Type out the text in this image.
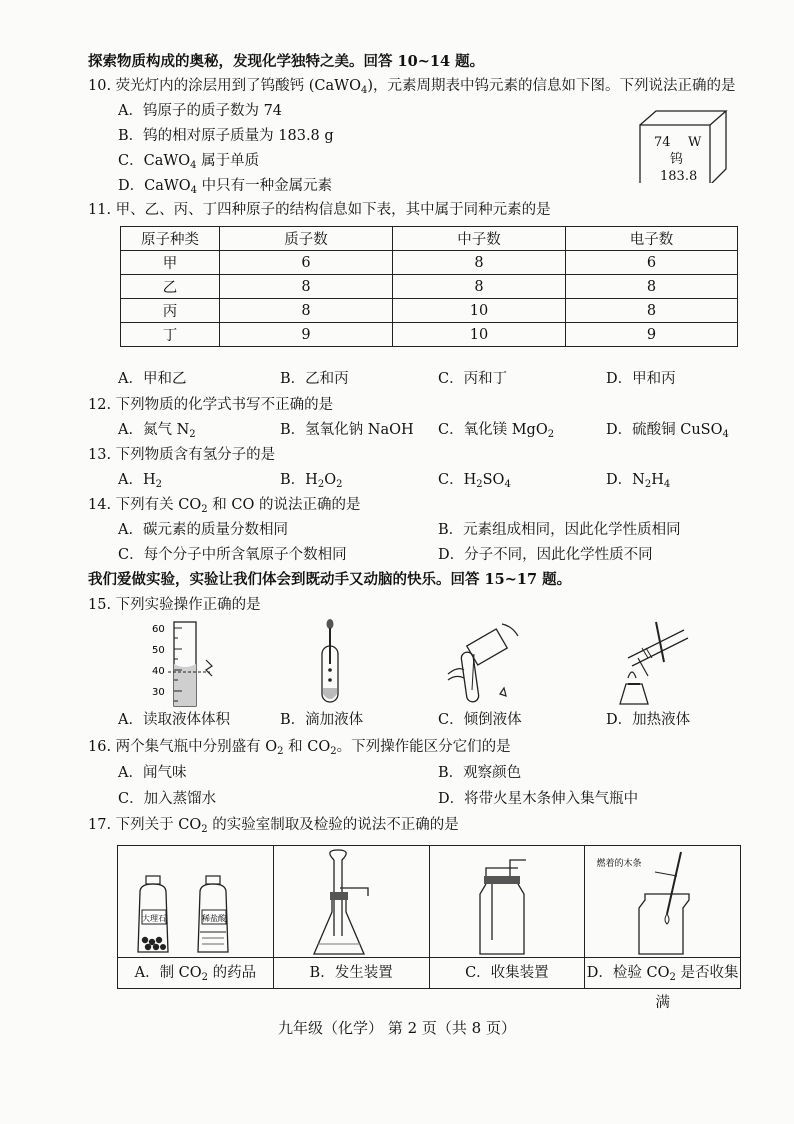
探索物质构成的奥秘，发现化学独特之美。回答 10~14 题。
10. 荧光灯内的涂层用到了钨酸钙 (CaWO$_4$)，元素周期表中钨元素的信息如下图。下列说法正确的是
A．钨原子的质子数为 74
B．钨的相对原子质量为 183.8 g
C．CaWO$_4$ 属于单质
D．CaWO$_4$ 中只有一种金属元素
74 W
钨
183.8
11. 甲、乙、丙、丁四种原子的结构信息如下表，其中属于同种元素的是
原子种类	质子数	中子数	电子数
甲	6	8	6
乙	8	8	8
丙	8	10	8
丁	9	10	9
A．甲和乙	B．乙和丙	C．丙和丁	D．甲和丙
12. 下列物质的化学式书写不正确的是
A．氮气 $N_2$	B．氢氧化钠 NaOH C．氧化镁 MgO$_2$	D．硫酸铜 CuSO$_4$
13. 下列物质含有氢分子的是
A．$H_2$	B．$H_2O_2$	C．$H_2SO_4$	D．$N_2H_4$
14. 下列有关 $CO_2$ 和 CO 的说法正确的是
A．碳元素的质量分数相同	B．元素组成相同，因此化学性质相同
C．每个分子中所含氧原子个数相同	D．分子不同，因此化学性质不同
我们爱做实验，实验让我们体会到既动手又动脑的快乐。回答 15~17 题。
15. 下列实验操作正确的是
60
50
40
30
A．读取液体体积	B．滴加液体	C．倾倒液体	D．加热液体
16. 两个集气瓶中分别盛有 $O_2$ 和 $CO_2$。下列操作能区分它们的是
A．闻气味	B．观察颜色
C．加入蒸馏水	D．将带火星木条伸入集气瓶中
17. 下列关于 $CO_2$ 的实验室制取及检验的说法不正确的是
大理石	稀盐酸
A．制 $CO_2$ 的药品	B．发生装置	C．收集装置
燃着的木条
D．检验 $CO_2$ 是否收集满
九年级（化学） 第 2 页（共 8 页）
